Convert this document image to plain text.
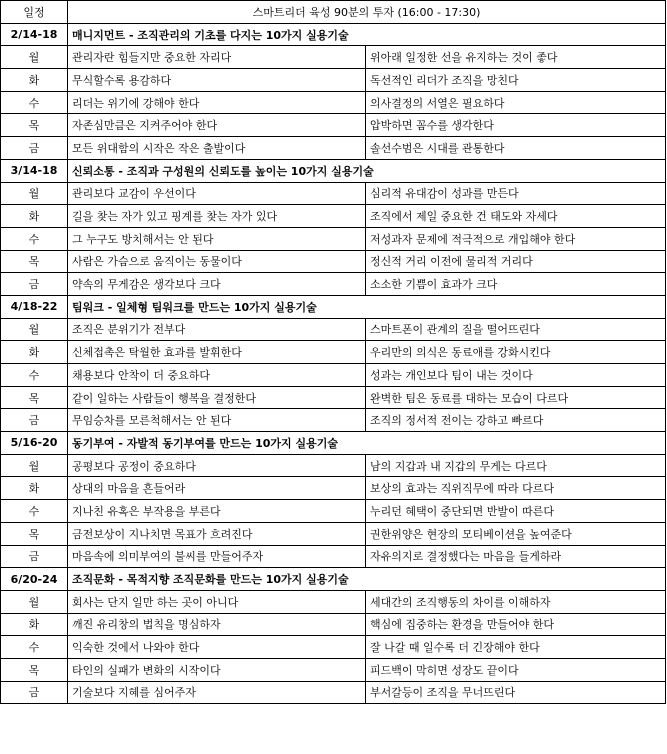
일정	스마트리더 육성 90분의 투자 (16:00 - 17:30)	
2/14-18	매니지먼트 - 조직관리의 기초를 다지는 10가지 실용기술	
월	관리자란 힘들지만 중요한 자리다	위아래 일정한 선을 유지하는 것이 좋다
화	무식할수록 용감하다	독선적인 리더가 조직을 망친다
수	리더는 위기에 강해야 한다	의사결정의 서열은 필요하다
목	자존심만큼은 지켜주어야 한다	압박하면 꼼수를 생각한다
금	모든 위대함의 시작은 작은 출발이다	솔선수범은 시대를 관통한다
3/14-18	신뢰소통 - 조직과 구성원의 신뢰도를 높이는 10가지 실용기술	
월	관리보다 교감이 우선이다	심리적 유대감이 성과를 만든다
화	길을 찾는 자가 있고 핑계를 찾는 자가 있다	조직에서 제일 중요한 건 태도와 자세다
수	그 누구도 방치해서는 안 된다	저성과자 문제에 적극적으로 개입해야 한다
목	사람은 가슴으로 움직이는 동물이다	정신적 거리 이전에 물리적 거리다
금	약속의 무게감은 생각보다 크다	소소한 기쁨이 효과가 크다
4/18-22	팀워크 - 일체형 팀워크를 만드는 10가지 실용기술	
월	조직은 분위기가 전부다	스마트폰이 관계의 질을 떨어뜨린다
화	신체접촉은 탁월한 효과를 발휘한다	우리만의 의식은 동료애를 강화시킨다
수	채용보다 안착이 더 중요하다	성과는 개인보다 팀이 내는 것이다
목	같이 일하는 사람들이 행복을 결정한다	완벽한 팀은 동료를 대하는 모습이 다르다
금	무임승차를 모른척해서는 안 된다	조직의 정서적 전이는 강하고 빠르다
5/16-20	동기부여 - 자발적 동기부여를 만드는 10가지 실용기술	
월	공평보다 공정이 중요하다	남의 지갑과 내 지갑의 무게는 다르다
화	상대의 마음을 흔들어라	보상의 효과는 직위직무에 따라 다르다
수	지나친 유혹은 부작용을 부른다	누리던 혜택이 중단되면 반발이 따른다
목	금전보상이 지나치면 목표가 흐려진다	권한위양은 현장의 모티베이션을 높여준다
금	마음속에 의미부여의 불씨를 만들어주자	자유의지로 결정했다는 마음을 들게하라
6/20-24	조직문화 - 목적지향 조직문화를 만드는 10가지 실용기술	
월	회사는 단지 일만 하는 곳이 아니다	세대간의 조직행동의 차이를 이해하자
화	깨진 유리창의 법칙을 명심하자	핵심에 집중하는 환경을 만들어야 한다
수	익숙한 것에서 나와야 한다	잘 나갈 때 일수록 더 긴장해야 한다
목	타인의 실패가 변화의 시작이다	피드백이 막히면 성장도 끝이다
금	기술보다 지혜를 심어주자	부서갈등이 조직을 무너뜨린다
